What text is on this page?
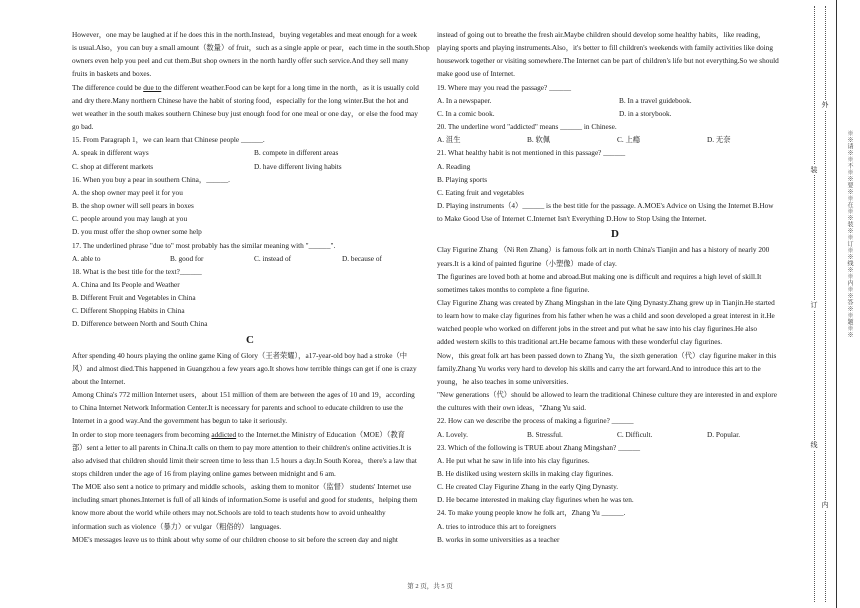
However，one may be laughed at if he does this in the north.Instead，buying vegetables and meat enough for a week

is usual.Also，you can buy a small amount（数量）of fruit，such as a single apple or pear，each time in the south.Shop

owners even help you peel and cut them.But shop owners in the north hardly offer such service.And they sell many

fruits in baskets and boxes.

The difference could be due to the different weather.Food can be kept for a long time in the north，as it is usually cold

and dry there.Many northern Chinese have the habit of storing food，especially for the long winter.But the hot and

wet weather in the south makes southern Chinese buy just enough food for one meal or one day，or else the food may

go bad.

15. From Paragraph 1，we can learn that Chinese people ______.

A. speak in different ways	B. compete in different areas
C. shop at different markets	D. have different living habits

16. When you buy a pear in southern China，______.

A. the shop owner may peel it for you

B. the shop owner will sell pears in boxes

C. people around you may laugh at you

D. you must offer the shop owner some help

17. The underlined phrase "due to" most probably has the similar meaning with "______".

A. able to	B. good for	C. instead of	D. because of

18. What is the best title for the text?______

A. China and Its People and Weather

B. Different Fruit and Vegetables in China

C. Different Shopping Habits in China

D. Difference between North and South China

C

After spending 40 hours playing the online game King of Glory（王者荣耀），a17-year-old boy had a stroke（中

风）and almost died.This happened in Guangzhou a few years ago.It shows how terrible things can get if one is crazy

about the Internet.

Among China's 772 million Internet users，about 151 million of them are between the ages of 10 and 19，according

to China Internet Network Information Center.It is necessary for parents and school to educate children to use the

Internet in a good way.And the government has begun to take it seriously.

In order to stop more teenagers from becoming addicted to the Internet.the Ministry of Education（MOE）（教育

部）sent a letter to all parents in China.It calls on them to pay more attention to their children's online activities.It is

also advised that children should limit their screen time to less than 1.5 hours a day.In South Korea，there's a law that

stops children under the age of 16 from playing online games between midnight and 6 am.

The MOE also sent a notice to primary and middle schools，asking them to monitor（监督） students' Internet use

including smart phones.Internet is full of all kinds of information.Some is useful and good for students，helping them

know more about the world while others may not.Schools are told to teach students how to avoid unhealthy

information such as violence（暴力）or vulgar（粗俗的） languages.

MOE's messages leave us to think about why some of our children choose to sit before the screen day and night

instead of going out to breathe the fresh air.Maybe children should develop some healthy habits，like reading，

playing sports and playing instruments.Also，it's better to fill children's weekends with family activities like doing

housework together or visiting somewhere.The Internet can be part of children's life but not everything.So we should

make good use of Internet.

19. Where may you read the passage? ______

A. In a newspaper.	B. In a travel guidebook.
C. In a comic book.	D. in a storybook.

20. The underline word "addicted" means ______ in Chinese.

A. 沮生	B. 软佩	C. 上瘾	D. 无奈

21. What healthy habit is not mentioned in this passage? ______

A. Reading

B. Playing sports

C. Eating fruit and vegetables

D. Playing instruments（4）______ is the best title for the passage. A.MOE's Advice on Using the Internet B.How

to Make Good Use of Internet C.Internet Isn't Everything D.How to Stop Using the Internet.

D

Clay Figurine Zhang （Ni Ren Zhang）is famous folk art in north China's Tianjin and has a history of nearly 200

years.It is a kind of painted figurine（小塑像）made of clay.

The figurines are loved both at home and abroad.But making one is difficult and requires a high level of skill.It

sometimes takes months to complete a fine figurine.

Clay Figurine Zhang was created by Zhang Mingshan in the late Qing Dynasty.Zhang grew up in Tianjin.He started

to learn how to make clay figurines from his father when he was a child and soon developed a great interest in it.He

watched people who worked on different jobs in the street and put what he saw into his clay figurines.He also

added western skills to this traditional art.He became famous with these wonderful clay figurines.

Now，this great folk art has been passed down to Zhang Yu，the sixth generation（代）clay figurine maker in this

family.Zhang Yu works very hard to develop his skills and carry the art forward.And to introduce this art to the

young，he also teaches in some universities.

"New generations（代）should be allowed to learn the traditional Chinese culture they are interested in and explore

the cultures with their own ideas，"Zhang Yu said.

22. How can we describe the process of making a figurine? ______

A. Lovely.	B. Stressful.	C. Difficult.	D. Popular.

23. Which of the following is TRUE about Zhang Mingshan? ______

A. He put what he saw in life into his clay figurines.

B. He disliked using western skills in making clay figurines.

C. He created Clay Figurine Zhang in the early Qing Dynasty.

D. He became interested in making clay figurines when he was ten.

24. To make young people know he folk art，Zhang Yu ______.

A. tries to introduce this art to foreigners

B. works in some universities as a teacher

第 2 页，共 5 页
装
订
线
外
内
※※请※※不※※要※※在※※装※※订※※线※※内※※答※※题※※
